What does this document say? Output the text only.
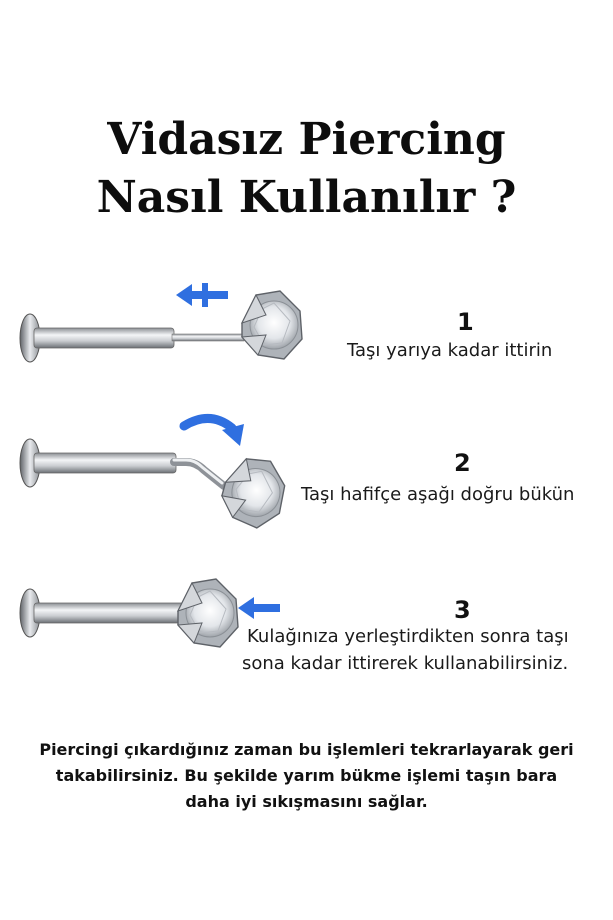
Vidasız Piercing
Nasıl Kullanılır ?
1
Taşı yarıya kadar ittirin
2
Taşı hafifçe aşağı doğru bükün
3
Kulağınıza yerleştirdikten sonra taşı
sona kadar ittirerek kullanabilirsiniz.
Piercingi çıkardığınız zaman bu işlemleri tekrarlayarak geri
takabilirsiniz. Bu şekilde yarım bükme işlemi taşın bara
daha iyi sıkışmasını sağlar.
